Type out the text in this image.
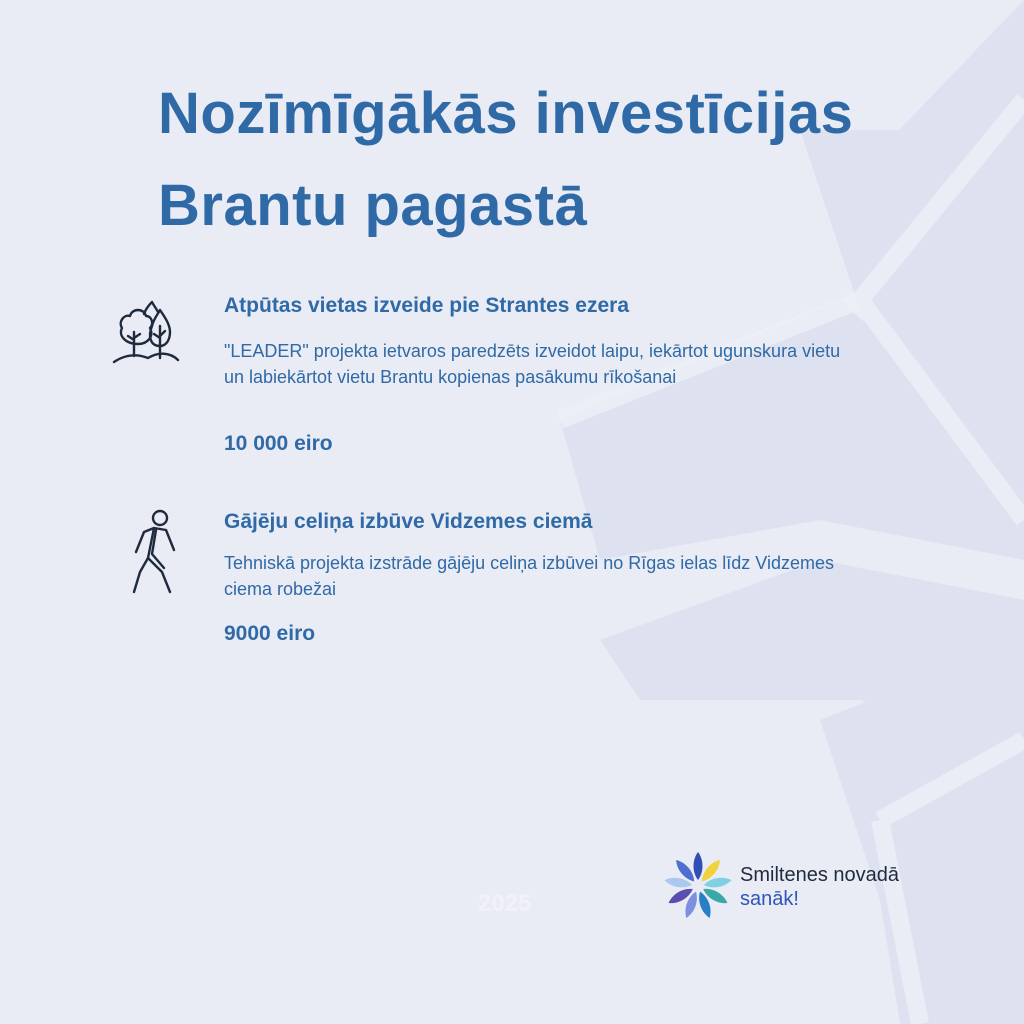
Nozīmīgākās investīcijas
Brantu pagastā
Atpūtas vietas izveide pie Strantes ezera
"LEADER" projekta ietvaros paredzēts izveidot laipu, iekārtot ugunskura vietu un labiekārtot vietu Brantu kopienas pasākumu rīkošanai
10 000 eiro
Gājēju celiņa izbūve Vidzemes ciemā
Tehniskā projekta izstrāde gājēju celiņa izbūvei no Rīgas ielas līdz Vidzemes ciema robežai
9000 eiro
2025
Smiltenes novadā
sanāk!
